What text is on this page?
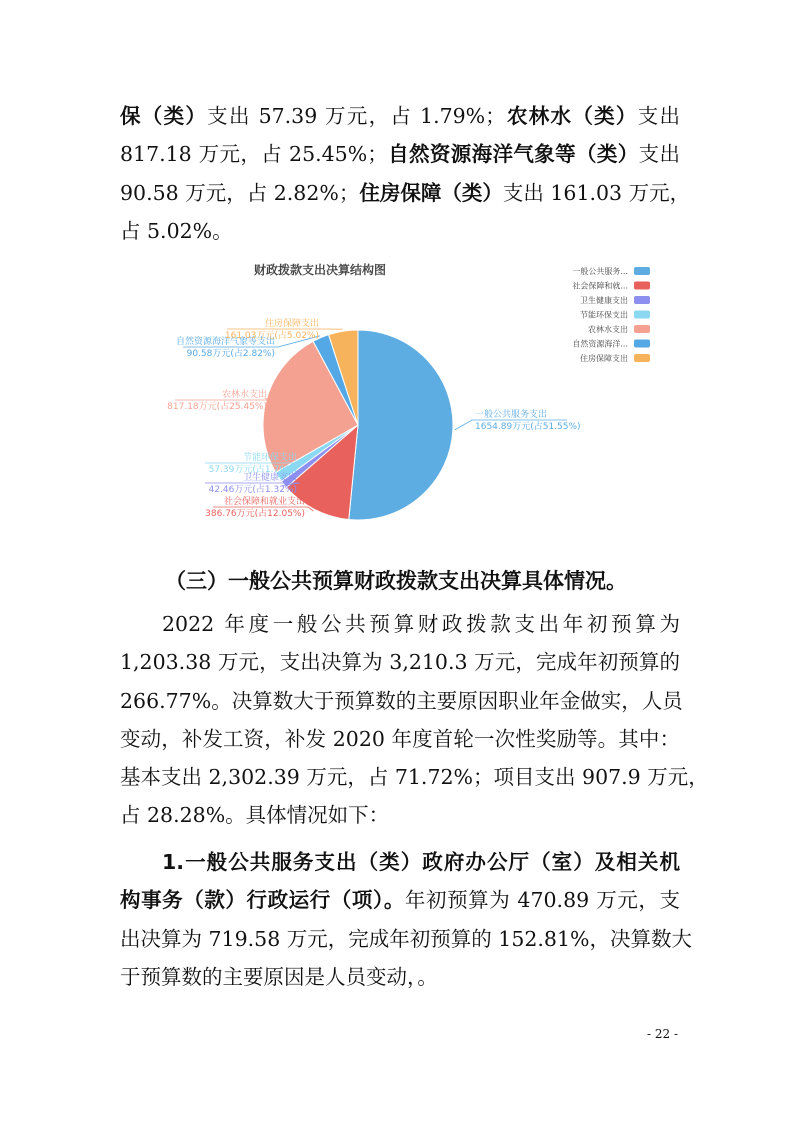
保（类）支出 57.39 万元，占 1.79%；农林水（类）支出
817.18 万元，占 25.45%；自然资源海洋气象等（类）支出
90.58 万元，占 2.82%；住房保障（类）支出 161.03 万元，
占 5.02%。
财政拨款支出决算结构图
一般公共服务支出
1654.89万元(占51.55%)
社会保障和就业支出
386.76万元(占12.05%)
卫生健康支出
42.46万元(占1.32%)
节能环保支出
57.39万元(占1.79%)
农林水支出
817.18万元(占25.45%)
自然资源海洋气象等支出
90.58万元(占2.82%)
住房保障支出
161.03万元(占5.02%)
一般公共服务...
社会保障和就...
卫生健康支出
节能环保支出
农林水支出
自然资源海洋...
住房保障支出

（三）一般公共预算财政拨款支出决算具体情况。

2022 年度一般公共预算财政拨款支出年初预算为
1,203.38 万元，支出决算为 3,210.3 万元，完成年初预算的
266.77%。决算数大于预算数的主要原因职业年金做实，人员
变动，补发工资，补发 2020 年度首轮一次性奖励等。其中：
基本支出 2,302.39 万元，占 71.72%；项目支出 907.9 万元，
占 28.28%。具体情况如下：
1.一般公共服务支出（类）政府办公厅（室）及相关机
构事务（款）行政运行（项）。年初预算为 470.89 万元，支
出决算为 719.58 万元，完成年初预算的 152.81%，决算数大
于预算数的主要原因是人员变动，。
- 22 -
